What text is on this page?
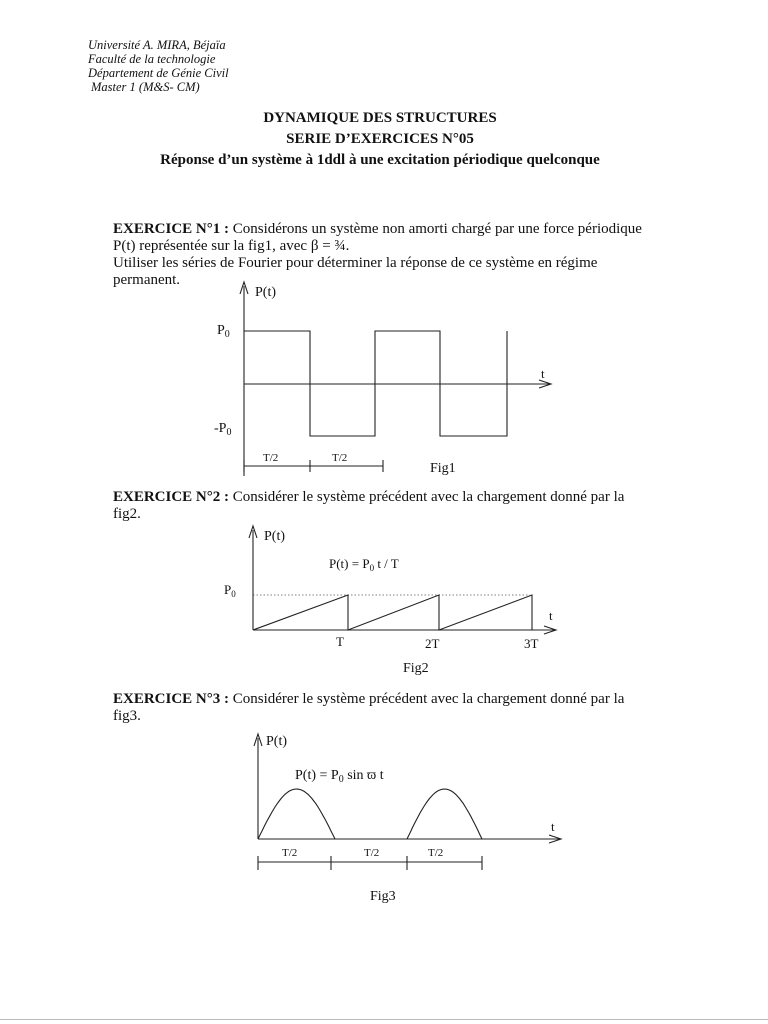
Université A. MIRA, Béjaïa

Faculté de la technologie

Département de Génie Civil

Master 1 (M&S- CM)

DYNAMIQUE DES STRUCTURES

SERIE D’EXERCICES N°05

Réponse d’un système à 1ddl à une excitation périodique quelconque

EXERCICE N°1 : Considérons un système non amorti chargé par une force périodique
P(t) représentée sur la fig1, avec β = ¾.
Utiliser les séries de Fourier pour déterminer la réponse de ce système en régime
permanent.
P(t)
t
$P_0$
$-P_0$
T/2	T/2
Fig1
EXERCICE N°2 : Considérer le système précédent avec la chargement donné par la
fig2.
P(t)
t
$P(t) = P_0$ t / T
$P_0$
T	2T	3T
Fig2
EXERCICE N°3 : Considérer le système précédent avec la chargement donné par la
fig3.
P(t)
t
$P(t) = P_0$ sin ϖ t
T/2	T/2	T/2
Fig3
